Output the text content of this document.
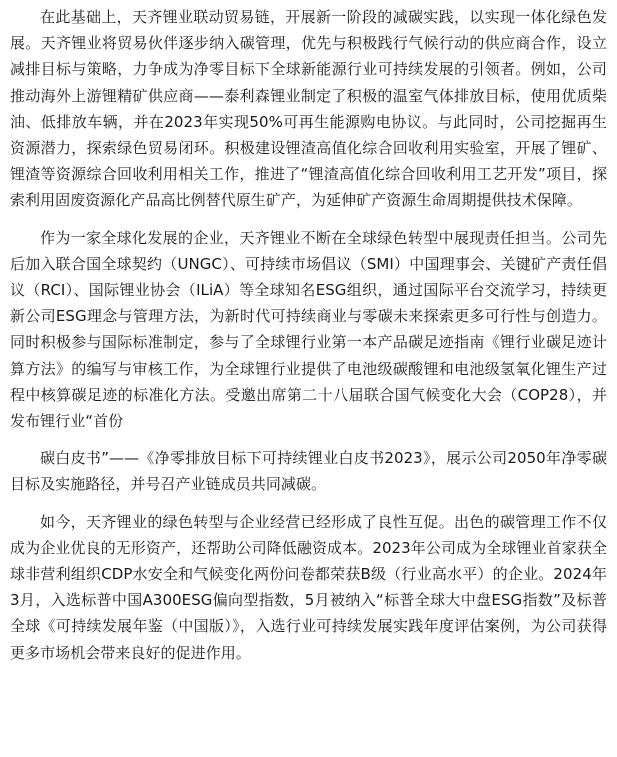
在此基础上，天齐锂业联动贸易链，开展新一阶段的减碳实践，以实现一体化绿色发展。天齐锂业将贸易伙伴逐步纳入碳管理，优先与积极践行气候行动的供应商合作，设立减排目标与策略，力争成为净零目标下全球新能源行业可持续发展的引领者。例如，公司推动海外上游锂精矿供应商——泰利森锂业制定了积极的温室气体排放目标，使用优质柴油、低排放车辆，并在2023年实现50%可再生能源购电协议。与此同时，公司挖掘再生资源潜力，探索绿色贸易闭环。积极建设锂渣高值化综合回收利用实验室，开展了锂矿、锂渣等资源综合回收利用相关工作，推进了“锂渣高值化综合回收利用工艺开发”项目，探索利用固废资源化产品高比例替代原生矿产，为延伸矿产资源生命周期提供技术保障。

作为一家全球化发展的企业，天齐锂业不断在全球绿色转型中展现责任担当。公司先后加入联合国全球契约（UNGC）、可持续市场倡议（SMI）中国理事会、关键矿产责任倡议（RCI）、国际锂业协会（ILiA）等全球知名ESG组织，通过国际平台交流学习，持续更新公司ESG理念与管理方法，为新时代可持续商业与零碳未来探索更多可行性与创造力。同时积极参与国际标准制定，参与了全球锂行业第一本产品碳足迹指南《锂行业碳足迹计算方法》的编写与审核工作，为全球锂行业提供了电池级碳酸锂和电池级氢氧化锂生产过程中核算碳足迹的标准化方法。受邀出席第二十八届联合国气候变化大会（COP28），并发布锂行业“首份

碳白皮书”——《净零排放目标下可持续锂业白皮书2023》，展示公司2050年净零碳目标及实施路径，并号召产业链成员共同减碳。

如今，天齐锂业的绿色转型与企业经营已经形成了良性互促。出色的碳管理工作不仅成为企业优良的无形资产，还帮助公司降低融资成本。2023年公司成为全球锂业首家获全球非营利组织CDP水安全和气候变化两份问卷都荣获B级（行业高水平）的企业。2024年3月，入选标普中国A300ESG偏向型指数，5月被纳入“标普全球大中盘ESG指数”及标普全球《可持续发展年鉴（中国版）》，入选行业可持续发展实践年度评估案例，为公司获得更多市场机会带来良好的促进作用。
